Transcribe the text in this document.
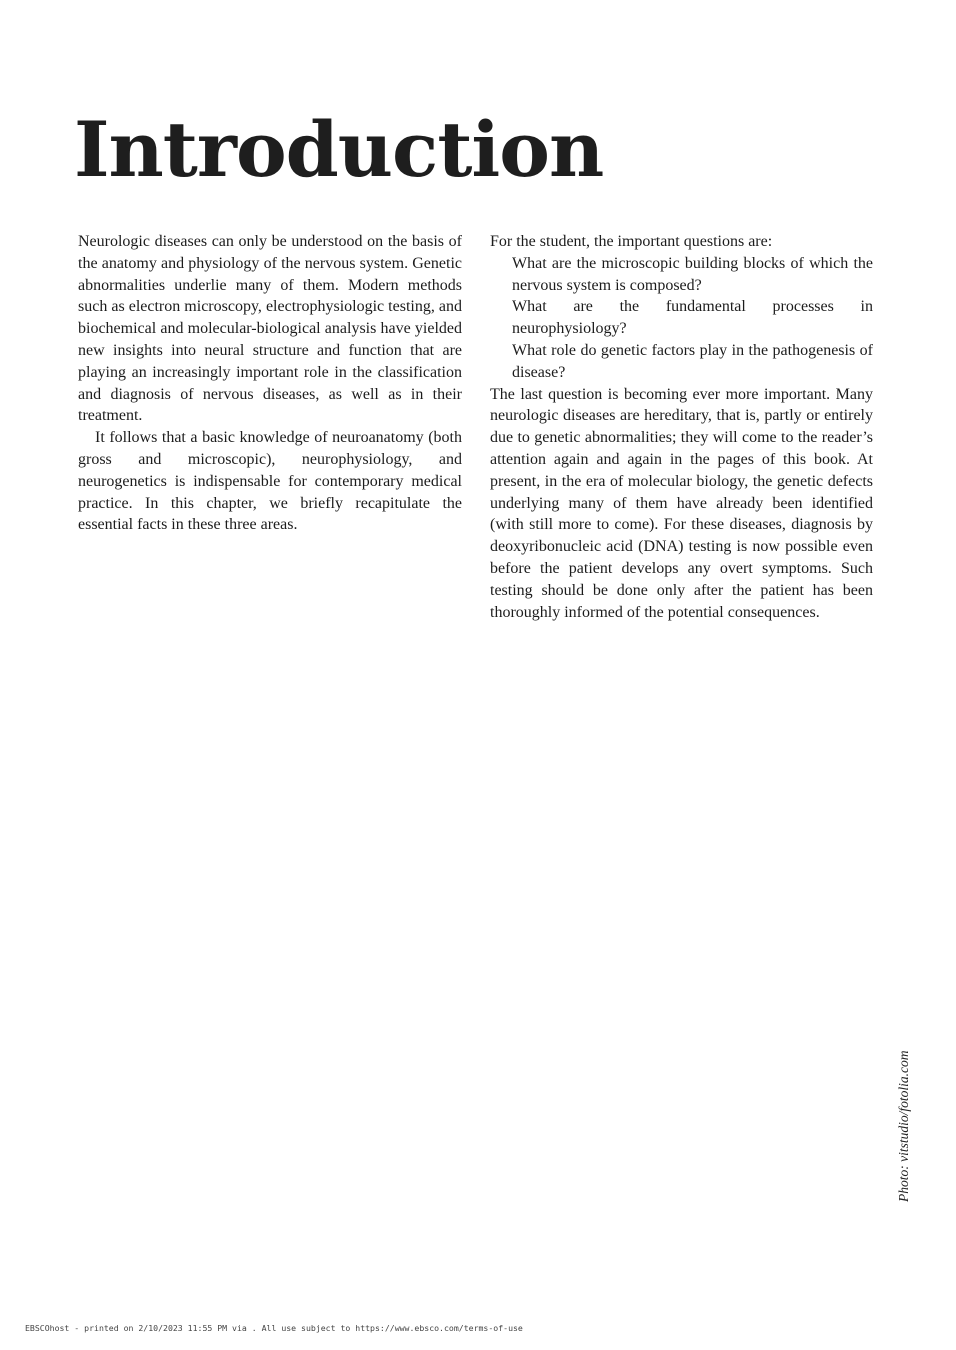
Introduction

Neurologic diseases can only be understood on the basis of the anatomy and physiology of the nervous system. Genetic abnormalities underlie many of them. Modern methods such as electron microscopy, electrophysiologic testing, and biochemical and molecular-biological analysis have yielded new insights into neural structure and function that are playing an increasingly important role in the classification and diagnosis of nervous diseases, as well as in their treatment.

It follows that a basic knowledge of neuroanatomy (both gross and microscopic), neurophysiology, and neurogenetics is indispensable for contemporary medical practice. In this chapter, we briefly recapitulate the essential facts in these three areas.

For the student, the important questions are:

What are the microscopic building blocks of which the nervous system is composed?

What are the fundamental processes in neurophysiology?

What role do genetic factors play in the pathogenesis of disease?

The last question is becoming ever more important. Many neurologic diseases are hereditary, that is, partly or entirely due to genetic abnormalities; they will come to the reader’s attention again and again in the pages of this book. At present, in the era of molecular biology, the genetic defects underlying many of them have already been identified (with still more to come). For these diseases, diagnosis by deoxyribonucleic acid (DNA) testing is now possible even before the patient develops any overt symptoms. Such testing should be done only after the patient has been thoroughly informed of the potential consequences.

Photo: vitstudio/fotolia.com
EBSCOhost - printed on 2/10/2023 11:55 PM via . All use subject to https://www.ebsco.com/terms-of-use
